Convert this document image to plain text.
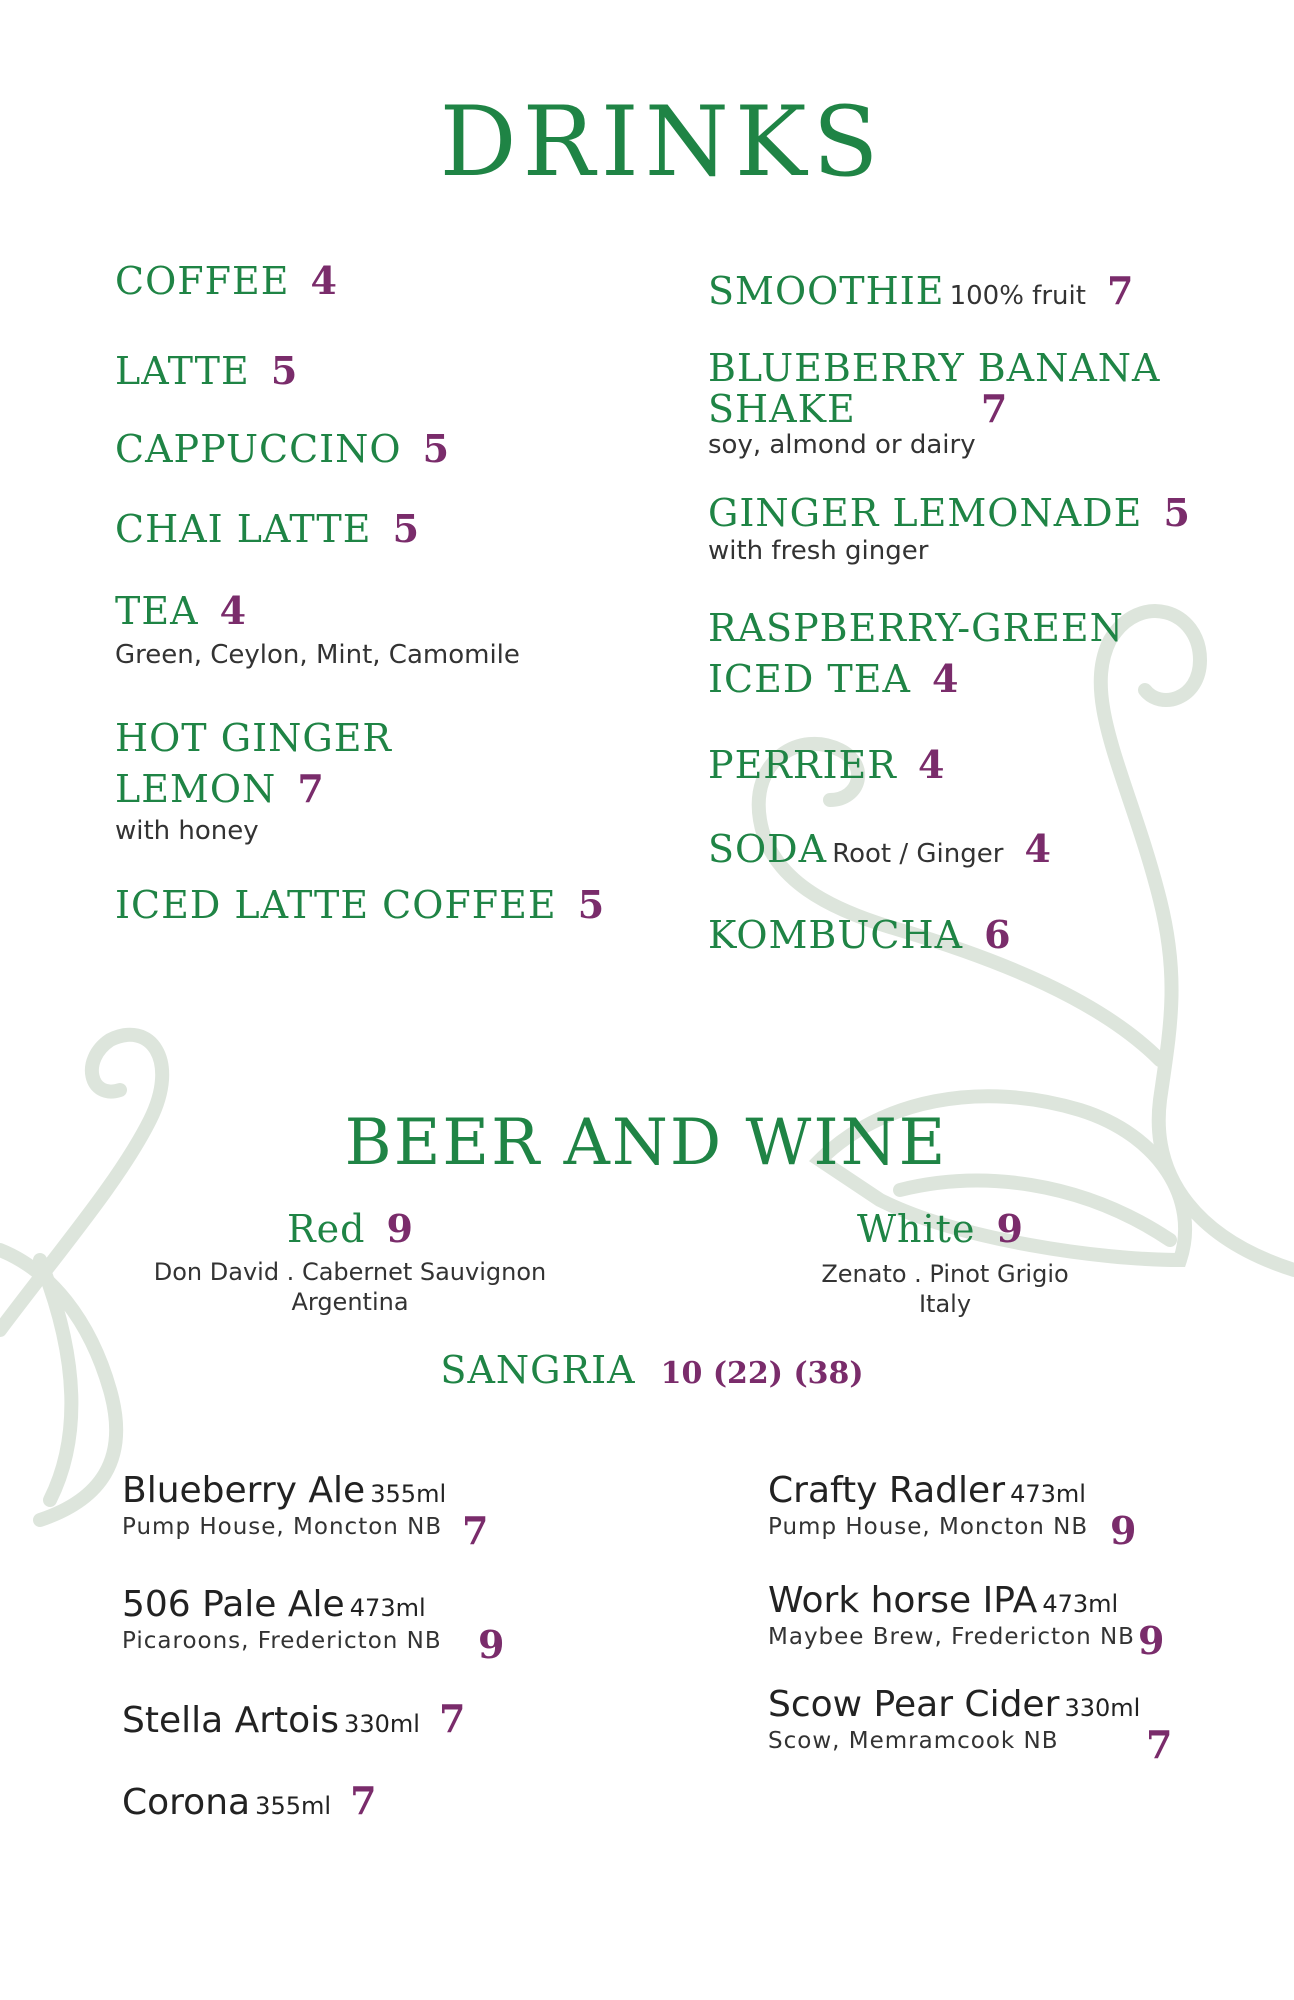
DRINKS
COFFEE 4
LATTE 5
CAPPUCCINO 5
CHAI LATTE 5
TEA 4
Green, Ceylon, Mint, Camomile
HOT GINGER
LEMON 7
with honey
ICED LATTE COFFEE 5
SMOOTHIE 100% fruit 7
BLUEBERRY BANANA
SHAKE	7
soy, almond or dairy
GINGER LEMONADE 5
with fresh ginger
RASPBERRY-GREEN
ICED TEA 4
PERRIER 4
SODA Root / Ginger 4
KOMBUCHA 6
BEER AND WINE
Red 9
Don David . Cabernet Sauvignon
Argentina
White 9
Zenato . Pinot Grigio
Italy
SANGRIA 10 (22) (38)
Blueberry Ale 355ml
Pump House, Moncton NB 7
506 Pale Ale 473ml
Picaroons, Fredericton NB 9
Stella Artois 330ml 7
Corona 355ml 7
Crafty Radler 473ml
Pump House, Moncton NB 9
Work horse IPA 473ml
Maybee Brew, Fredericton NB 9
Scow Pear Cider 330ml
Scow, Memramcook NB 7
